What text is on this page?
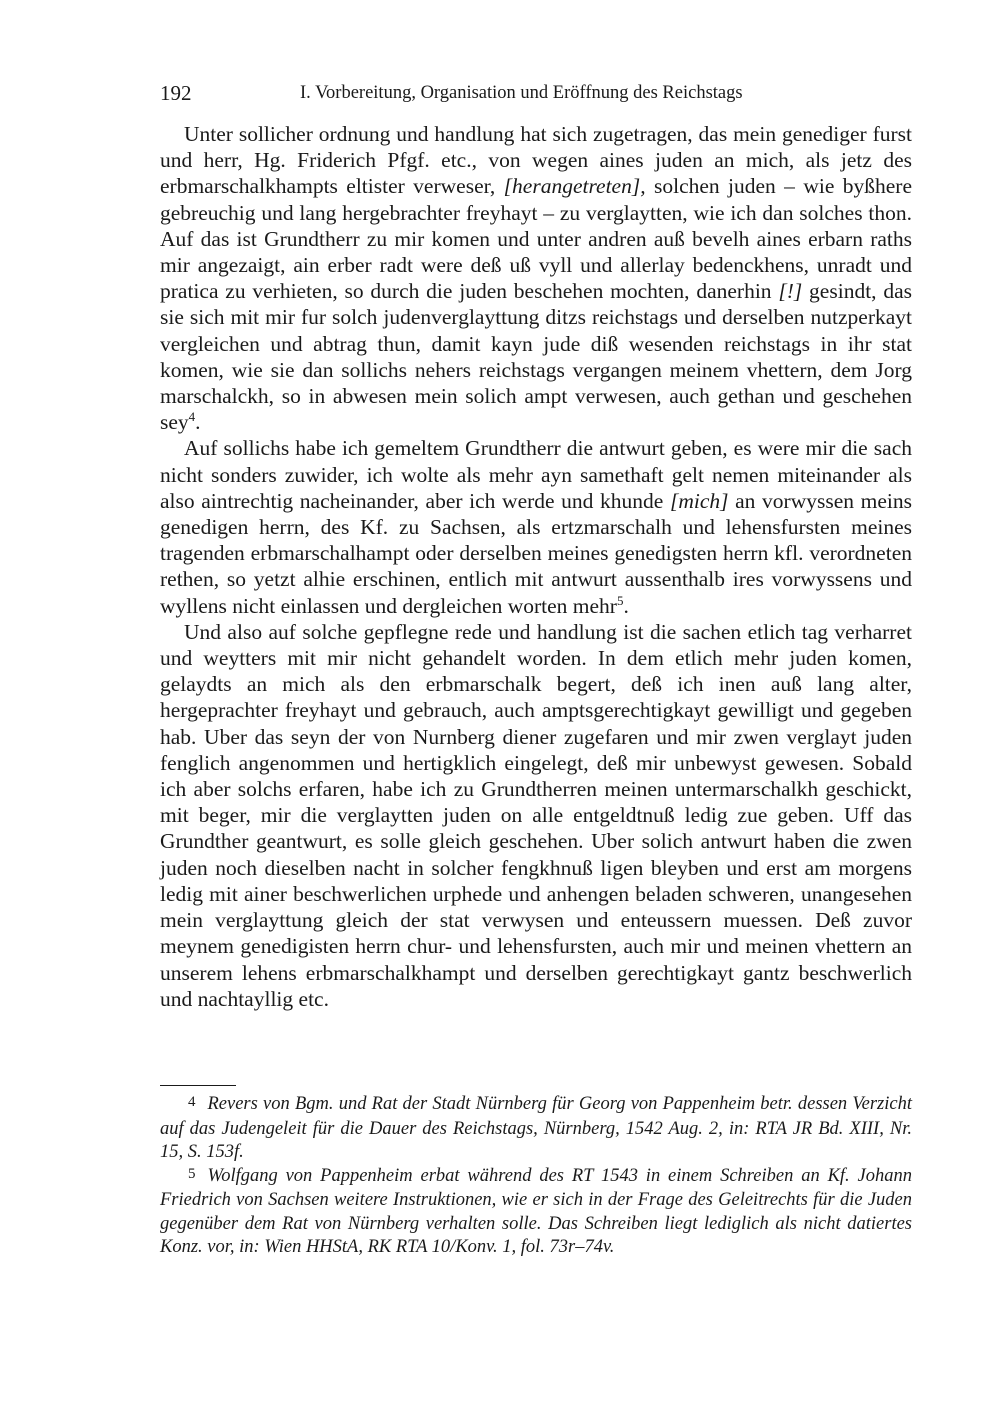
192	I. Vorbereitung, Organisation und Eröffnung des Reichstags

Unter sollicher ordnung und handlung hat sich zugetragen, das mein genediger furst und herr, Hg. Friderich Pfgf. etc., von wegen aines juden an mich, als jetz des erbmarschalkhampts eltister verweser, [herangetreten], solchen juden – wie byßhere gebreuchig und lang hergebrachter freyhayt – zu verglaytten, wie ich dan solches thon. Auf das ist Grundtherr zu mir komen und unter andren auß bevelh aines erbarn raths mir angezaigt, ain erber radt were deß uß vyll und allerlay bedenckhens, unradt und pratica zu verhieten, so durch die juden beschehen mochten, danerhin [!] gesindt, das sie sich mit mir fur solch judenverglayttung ditzs reichstags und derselben nutzperkayt vergleichen und abtrag thun, damit kayn jude diß wesenden reichstags in ihr stat komen, wie sie dan sollichs nehers reichstags vergangen meinem vhettern, dem Jorg marschalckh, so in abwesen mein solich ampt verwesen, auch gethan und geschehen sey$^4$.

Auf sollichs habe ich gemeltem Grundtherr die antwurt geben, es were mir die sach nicht sonders zuwider, ich wolte als mehr ayn samethaft gelt nemen miteinander als also aintrechtig nacheinander, aber ich werde und khunde [mich] an vorwyssen meins genedigen herrn, des Kf. zu Sachsen, als ertzmarschalh und lehensfursten meines tragenden erbmarschalhampt oder derselben meines genedigsten herrn kfl. verordneten rethen, so yetzt alhie erschinen, entlich mit antwurt aussenthalb ires vorwyssens und wyllens nicht einlassen und dergleichen worten mehr$^5$.

Und also auf solche gepflegne rede und handlung ist die sachen etlich tag verharret und weytters mit mir nicht gehandelt worden. In dem etlich mehr juden komen, gelaydts an mich als den erbmarschalk begert, deß ich inen auß lang alter, hergeprachter freyhayt und gebrauch, auch amptsgerechtigkayt gewilligt und gegeben hab. Uber das seyn der von Nurnberg diener zugefaren und mir zwen verglayt juden fenglich angenommen und hertigklich eingelegt, deß mir unbewyst gewesen. Sobald ich aber solchs erfaren, habe ich zu Grundtherren meinen untermarschalkh geschickt, mit beger, mir die verglaytten juden on alle entgeldtnuß ledig zue geben. Uff das Grundther geantwurt, es solle gleich geschehen. Uber solich antwurt haben die zwen juden noch dieselben nacht in solcher fengkhnuß ligen bleyben und erst am morgens ledig mit ainer beschwerlichen urphede und anhengen beladen schweren, unangesehen mein verglayttung gleich der stat verwysen und enteussern muessen. Deß zuvor meynem genedigisten herrn chur- und lehensfursten, auch mir und meinen vhettern an unserem lehens erbmarschalkhampt und derselben gerechtigkayt gantz beschwerlich und nachtayllig etc.

4 Revers von Bgm. und Rat der Stadt Nürnberg für Georg von Pappenheim betr. dessen Verzicht auf das Judengeleit für die Dauer des Reichstags, Nürnberg, 1542 Aug. 2, in: RTA JR Bd. XIII, Nr. 15, S. 153f.

5 Wolfgang von Pappenheim erbat während des RT 1543 in einem Schreiben an Kf. Johann Friedrich von Sachsen weitere Instruktionen, wie er sich in der Frage des Geleitrechts für die Juden gegenüber dem Rat von Nürnberg verhalten solle. Das Schreiben liegt lediglich als nicht datiertes Konz. vor, in: Wien HHStA, RK RTA 10/Konv. 1, fol. 73r–74v.
